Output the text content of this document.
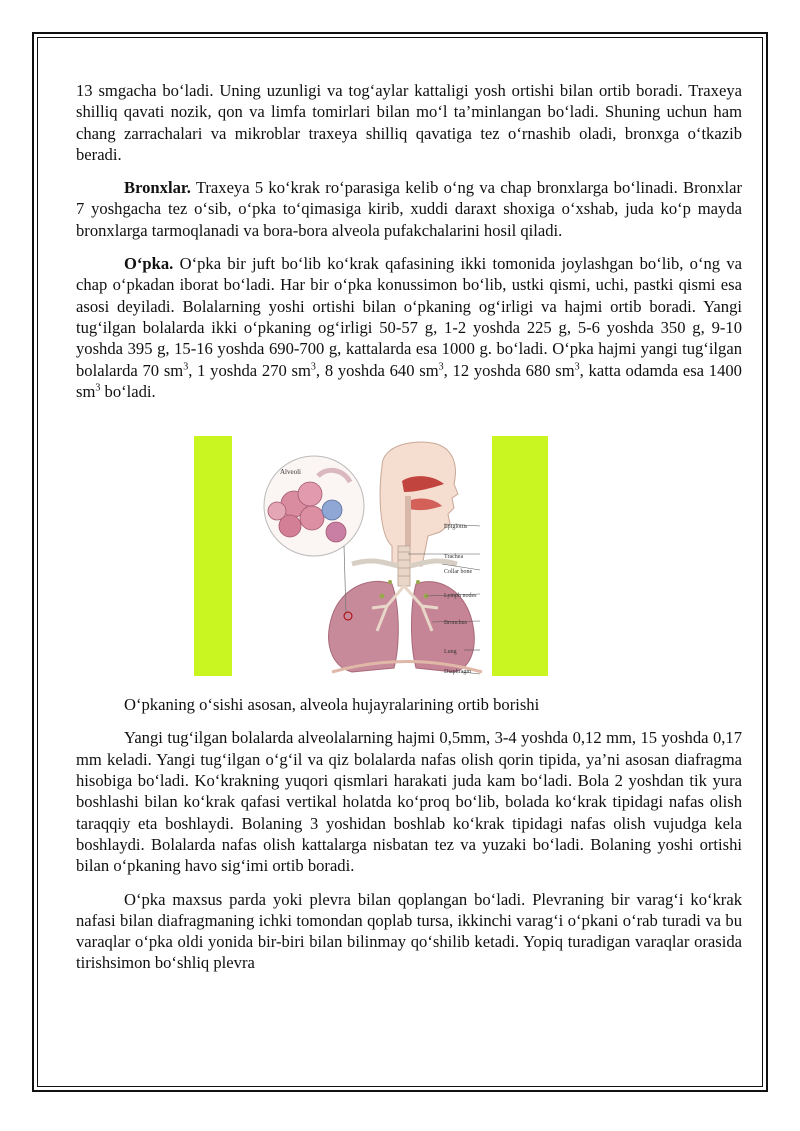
13 smgacha bo‘ladi. Uning uzunligi va tog‘aylar kattaligi yosh ortishi bilan ortib boradi. Traxeya shilliq qavati nozik, qon va limfa tomirlari bilan mo‘l ta’minlangan bo‘ladi. Shuning uchun ham chang zarrachalari va mikroblar traxeya shilliq qavatiga tez o‘rnashib oladi, bronxga o‘tkazib beradi.

Bronxlar. Traxeya 5 ko‘krak ro‘parasiga kelib o‘ng va chap bronxlarga bo‘linadi. Bronxlar 7 yoshgacha tez o‘sib, o‘pka to‘qimasiga kirib, xuddi daraxt shoxiga o‘xshab, juda ko‘p mayda bronxlarga tarmoqlanadi va bora-bora alveola pufakchalarini hosil qiladi.

O‘pka. O‘pka bir juft bo‘lib ko‘krak qafasining ikki tomonida joylashgan bo‘lib, o‘ng va chap o‘pkadan iborat bo‘ladi. Har bir o‘pka konussimon bo‘lib, ustki qismi, uchi, pastki qismi esa asosi deyiladi. Bolalarning yoshi ortishi bilan o‘pkaning og‘irligi va hajmi ortib boradi. Yangi tug‘ilgan bolalarda ikki o‘pkaning og‘irligi 50-57 g, 1-2 yoshda 225 g, 5-6 yoshda 350 g, 9-10 yoshda 395 g, 15-16 yoshda 690-700 g, kattalarda esa 1000 g. bo‘ladi. O‘pka hajmi yangi tug‘ilgan bolalarda 70 $sm^3$, 1 yoshda 270 $sm^3$, 8 yoshda 640 $sm^3$, 12 yoshda 680 $sm^3$, katta odamda esa 1400 $sm^3$ bo‘ladi.

Alveoli
Epiglottis
Trachea
Collar bone
Lymph nodes
Bronchus
Lung
Diaphragm

O‘pkaning o‘sishi asosan, alveola hujayralarining ortib borishi

Yangi tug‘ilgan bolalarda alveolalarning hajmi 0,5mm, 3-4 yoshda 0,12 mm, 15 yoshda 0,17 mm keladi. Yangi tug‘ilgan o‘g‘il va qiz bolalarda nafas olish qorin tipida, ya’ni asosan diafragma hisobiga bo‘ladi. Ko‘krakning yuqori qismlari harakati juda kam bo‘ladi. Bola 2 yoshdan tik yura boshlashi bilan ko‘krak qafasi vertikal holatda ko‘proq bo‘lib, bolada ko‘krak tipidagi nafas olish taraqqiy eta boshlaydi. Bolaning 3 yoshidan boshlab ko‘krak tipidagi nafas olish vujudga kela boshlaydi. Bolalarda nafas olish kattalarga nisbatan tez va yuzaki bo‘ladi. Bolaning yoshi ortishi bilan o‘pkaning havo sig‘imi ortib boradi.

O‘pka maxsus parda yoki plevra bilan qoplangan bo‘ladi. Plevraning bir varag‘i ko‘krak nafasi bilan diafragmaning ichki tomondan qoplab tursa, ikkinchi varag‘i o‘pkani o‘rab turadi va bu varaqlar o‘pka oldi yonida bir-biri bilan bilinmay qo‘shilib ketadi. Yopiq turadigan varaqlar orasida tirishsimon bo‘shliq plevra
